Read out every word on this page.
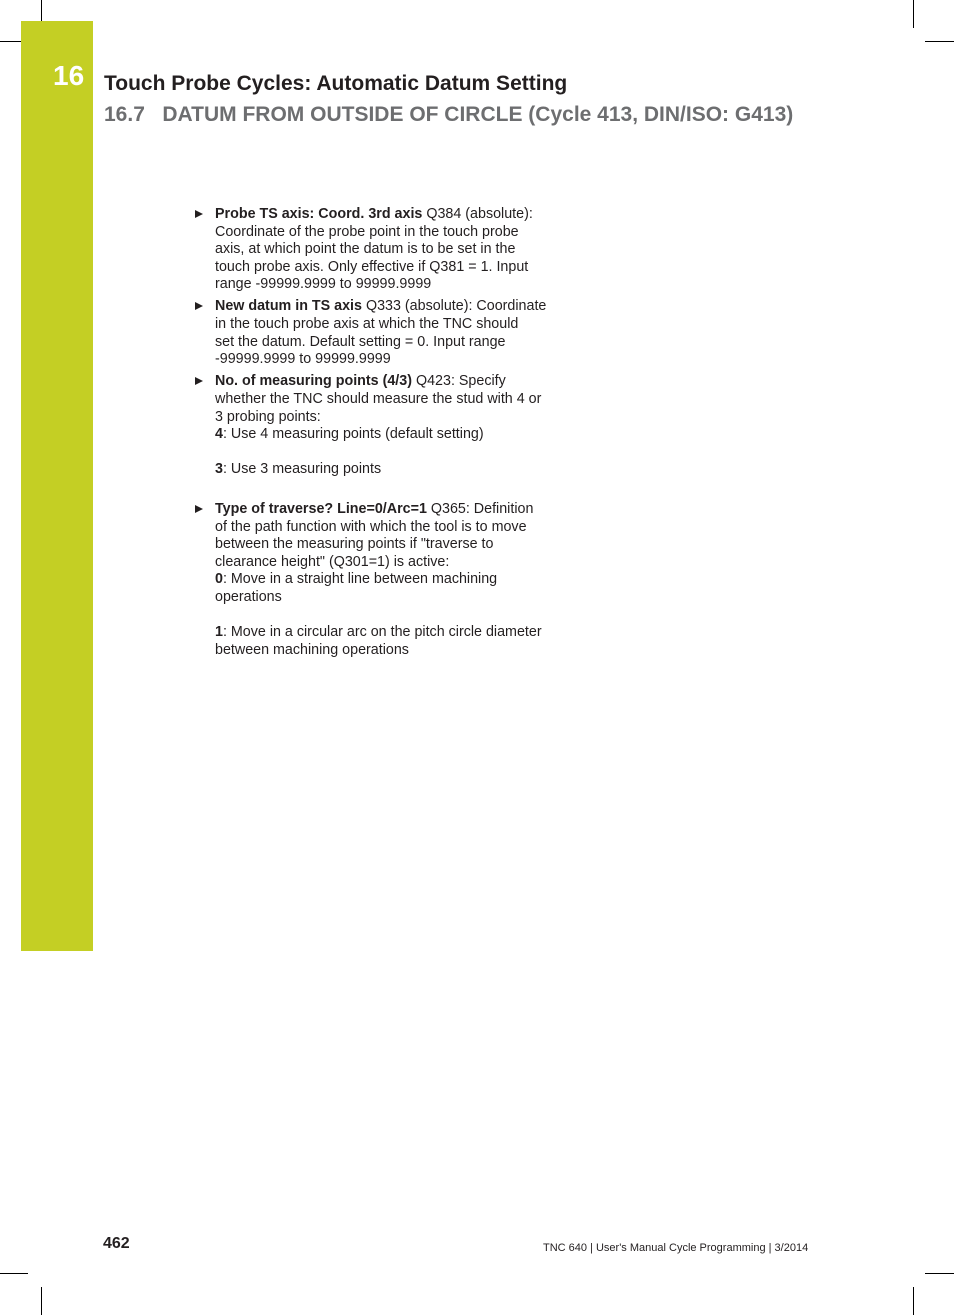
16 Touch Probe Cycles: Automatic Datum Setting
16.7 DATUM FROM OUTSIDE OF CIRCLE (Cycle 413, DIN/ISO: G413)
Probe TS axis: Coord. 3rd axis Q384 (absolute):
Coordinate of the probe point in the touch probe
axis, at which point the datum is to be set in the
touch probe axis. Only effective if Q381 = 1. Input
range -99999.9999 to 99999.9999
New datum in TS axis Q333 (absolute): Coordinate
in the touch probe axis at which the TNC should
set the datum. Default setting = 0. Input range
-99999.9999 to 99999.9999
No. of measuring points (4/3) Q423: Specify
whether the TNC should measure the stud with 4 or
3 probing points:

4: Use 4 measuring points (default setting)

3: Use 3 measuring points

Type of traverse? Line=0/Arc=1 Q365: Definition
of the path function with which the tool is to move
between the measuring points if "traverse to
clearance height" (Q301=1) is active:

0: Move in a straight line between machining
operations

1: Move in a circular arc on the pitch circle diameter
between machining operations

462	TNC 640 | User's Manual Cycle Programming | 3/2014
